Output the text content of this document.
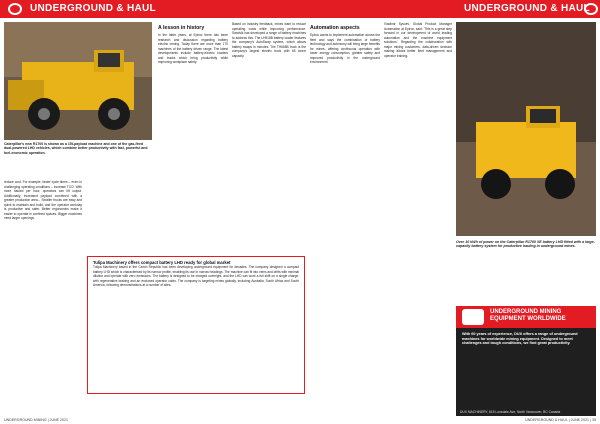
UNDERGROUND & HAUL	UNDERGROUND & HAUL
Caterpillar's new R1700 is shown as a 15t-payload machine and one of the gas-fired dual-powered LHD vehicles, which combine better productivity with fast, powerful and fuel-economic operation.

reduce cost. For example, faster cycle times – even in challenging operating conditions – increase TCO. With more hauled per hour, operators can lift output. Additionally, increased payload combined with a greater production area... Smaller trucks are easy and quick to maintain and build, and the operator workday is productive and safer. Better ergonomics make it easier to operate in confined spaces. Bigger machines need larger openings.

A lesson in history

In the latter years, at Epiroc there has been research and discussion regarding battery electric mining. Today there are more than 170 machines of the battery driven range. The latest developments include battery-electric loaders and trucks which bring productivity while improving workplace safety.

Tulipa Machinery offers compact battery LHD ready for global market
Tulipa Machinery based in the Czech Republic has been developing underground equipment for decades. The company designed a compact battery LHD which is characterised by its narrow profile, enabling its use in narrow headings. The machine can fit into veins and drifts with minimal dilution and operate with zero emissions. The battery is designed to be charged overnight, and the LHD can work a full shift on a single charge, with regenerative braking and an enclosed operator cabin. The company is targeting mines globally, including Australia, South Africa and South America, following demonstrations at a number of sites.

Based on industry feedback, mines want to reduce operating costs while improving performance. Sandvik has developed a range of battery machines to address this. The LH518B battery loader features the company's AutoSwap system, which allows battery swaps in minutes. The TH665B truck is the company's largest electric truck with 65 tonne capacity.

Automation aspects

Epiroc wants to implement automation across the fleet and says the combination of battery technology and autonomy will bring large benefits for mines, offering continuous operation with lower energy consumption, greater safety and improved productivity in the underground environment.

Vladimir Sysoev, Global Product Manager Automation at Epiroc, said: 'This is a great step forward in our development of world leading automation and the machine equipment solutions.' Regarding the collaboration with major mining customers, data-driven decision making allows better fleet management and operator training.

Over 10 kWh of power on the Caterpillar R1700 XE battery LHD fitted with a large-capacity battery system for productive hauling in underground mines.
UNDERGROUND MINING EQUIPMENT WORLDWIDE
With 60 years of experience, DUX offers a range of underground machines for worldwide mining equipment. Designed to meet challenges and tough conditions, we find great productivity.
DUX MACHINERY, 615 Lonsdale Ave, North Vancouver, BC Canada
UNDERGROUND MINING | JUNE 2021	UNDERGROUND & HAUL | JUNE 2021 | 35
